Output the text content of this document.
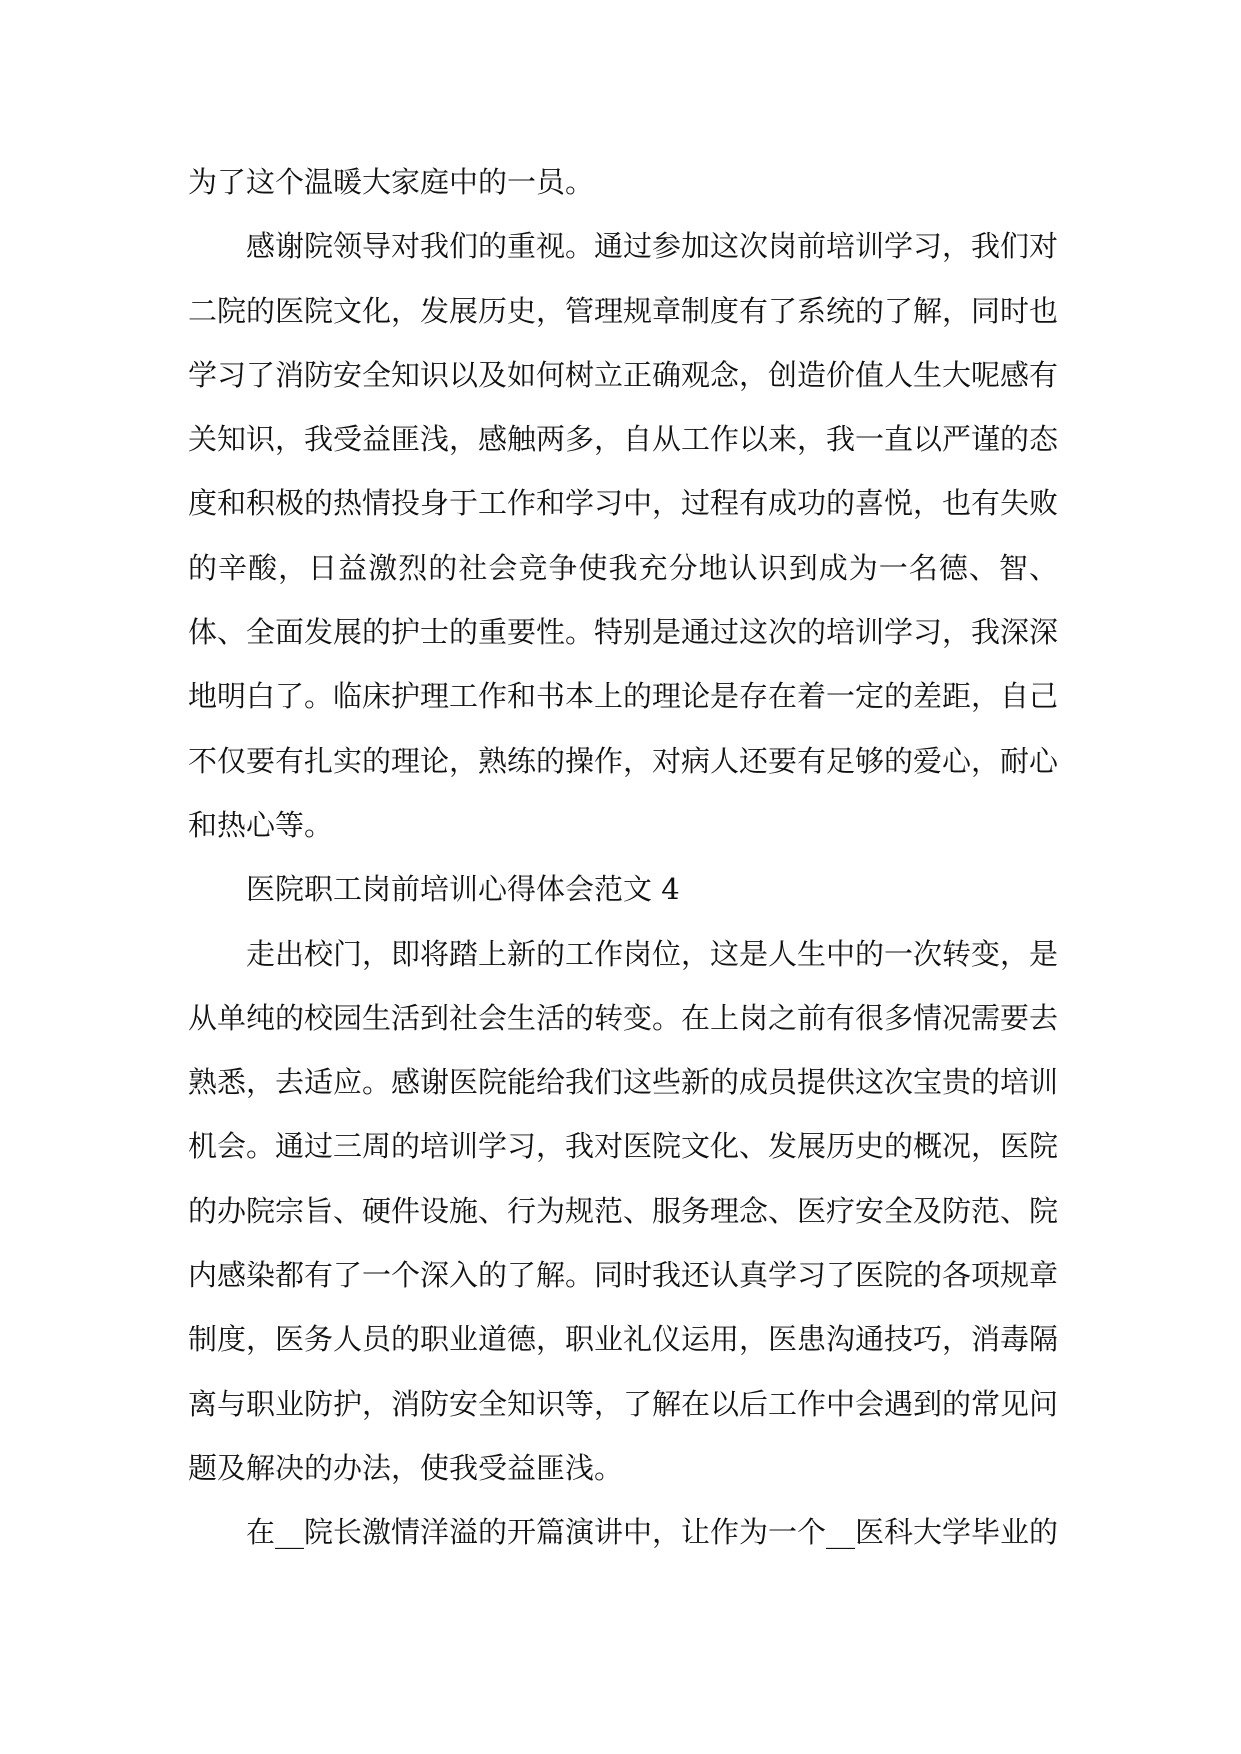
为了这个温暖大家庭中的一员。

感谢院领导对我们的重视。通过参加这次岗前培训学习，我们对二院的医院文化，发展历史，管理规章制度有了系统的了解，同时也学习了消防安全知识以及如何树立正确观念，创造价值人生大呢感有关知识，我受益匪浅，感触两多，自从工作以来，我一直以严谨的态度和积极的热情投身于工作和学习中，过程有成功的喜悦，也有失败的辛酸，日益激烈的社会竞争使我充分地认识到成为一名德、智、体、全面发展的护士的重要性。特别是通过这次的培训学习，我深深地明白了。临床护理工作和书本上的理论是存在着一定的差距，自己不仅要有扎实的理论，熟练的操作，对病人还要有足够的爱心，耐心和热心等。

医院职工岗前培训心得体会范文 4

走出校门，即将踏上新的工作岗位，这是人生中的一次转变，是从单纯的校园生活到社会生活的转变。在上岗之前有很多情况需要去熟悉，去适应。感谢医院能给我们这些新的成员提供这次宝贵的培训机会。通过三周的培训学习，我对医院文化、发展历史的概况，医院的办院宗旨、硬件设施、行为规范、服务理念、医疗安全及防范、院内感染都有了一个深入的了解。同时我还认真学习了医院的各项规章制度，医务人员的职业道德，职业礼仪运用，医患沟通技巧，消毒隔离与职业防护，消防安全知识等，了解在以后工作中会遇到的常见问题及解决的办法，使我受益匪浅。

在__院长激情洋溢的开篇演讲中，让作为一个__医科大学毕业的
